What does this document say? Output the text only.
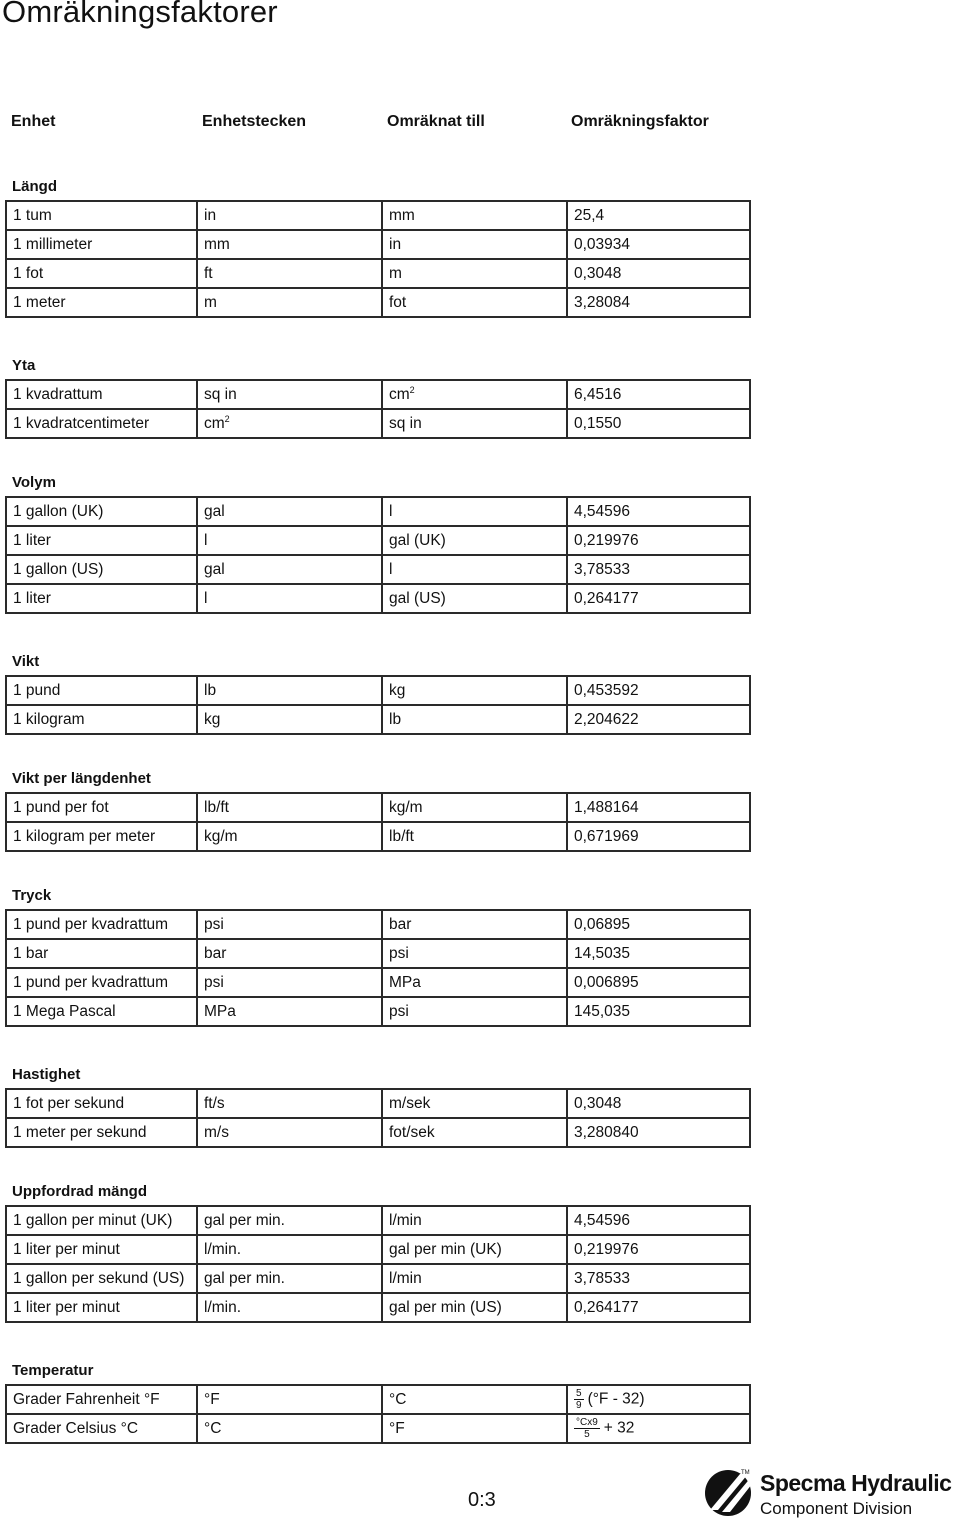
Omräkningsfaktorer
Enhet	Enhetstecken	Omräknat till	Omräkningsfaktor
Längd
1 tum	in	mm	25,4
1 millimeter	mm	in	0,03934
1 fot	ft	m	0,3048
1 meter	m	fot	3,28084
Yta
1 kvadrattum	sq in	$cm^2$	6,4516
1 kvadratcentimeter	$cm^2$	sq in	0,1550
Volym
1 gallon (UK)	gal	l	4,54596
1 liter	l	gal (UK)	0,219976
1 gallon (US)	gal	l	3,78533
1 liter	l	gal (US)	0,264177
Vikt
1 pund	lb	kg	0,453592
1 kilogram	kg	lb	2,204622
Vikt per längdenhet
1 pund per fot	lb/ft	kg/m	1,488164
1 kilogram per meter	kg/m	lb/ft	0,671969
Tryck
1 pund per kvadrattum	psi	bar	0,06895
1 bar	bar	psi	14,5035
1 pund per kvadrattum	psi	MPa	0,006895
1 Mega Pascal	MPa	psi	145,035
Hastighet
1 fot per sekund	ft/s	m/sek	0,3048
1 meter per sekund	m/s	fot/sek	3,280840
Uppfordrad mängd
1 gallon per minut (UK)	gal per min.	l/min	4,54596
1 liter per minut	l/min.	gal per min (UK)	0,219976
1 gallon per sekund (US)	gal per min.	l/min	3,78533
1 liter per minut	l/min.	gal per min (US)	0,264177
Temperatur
Grader Fahrenheit °F	°F	°C	$\frac{5}{9} (^\circ F - 32)$
Grader Celsius °C	°C	°F	$\frac{^\circ Cx9}{5} + 32$
0:3
TM Specma Hydraulic
Component Division
